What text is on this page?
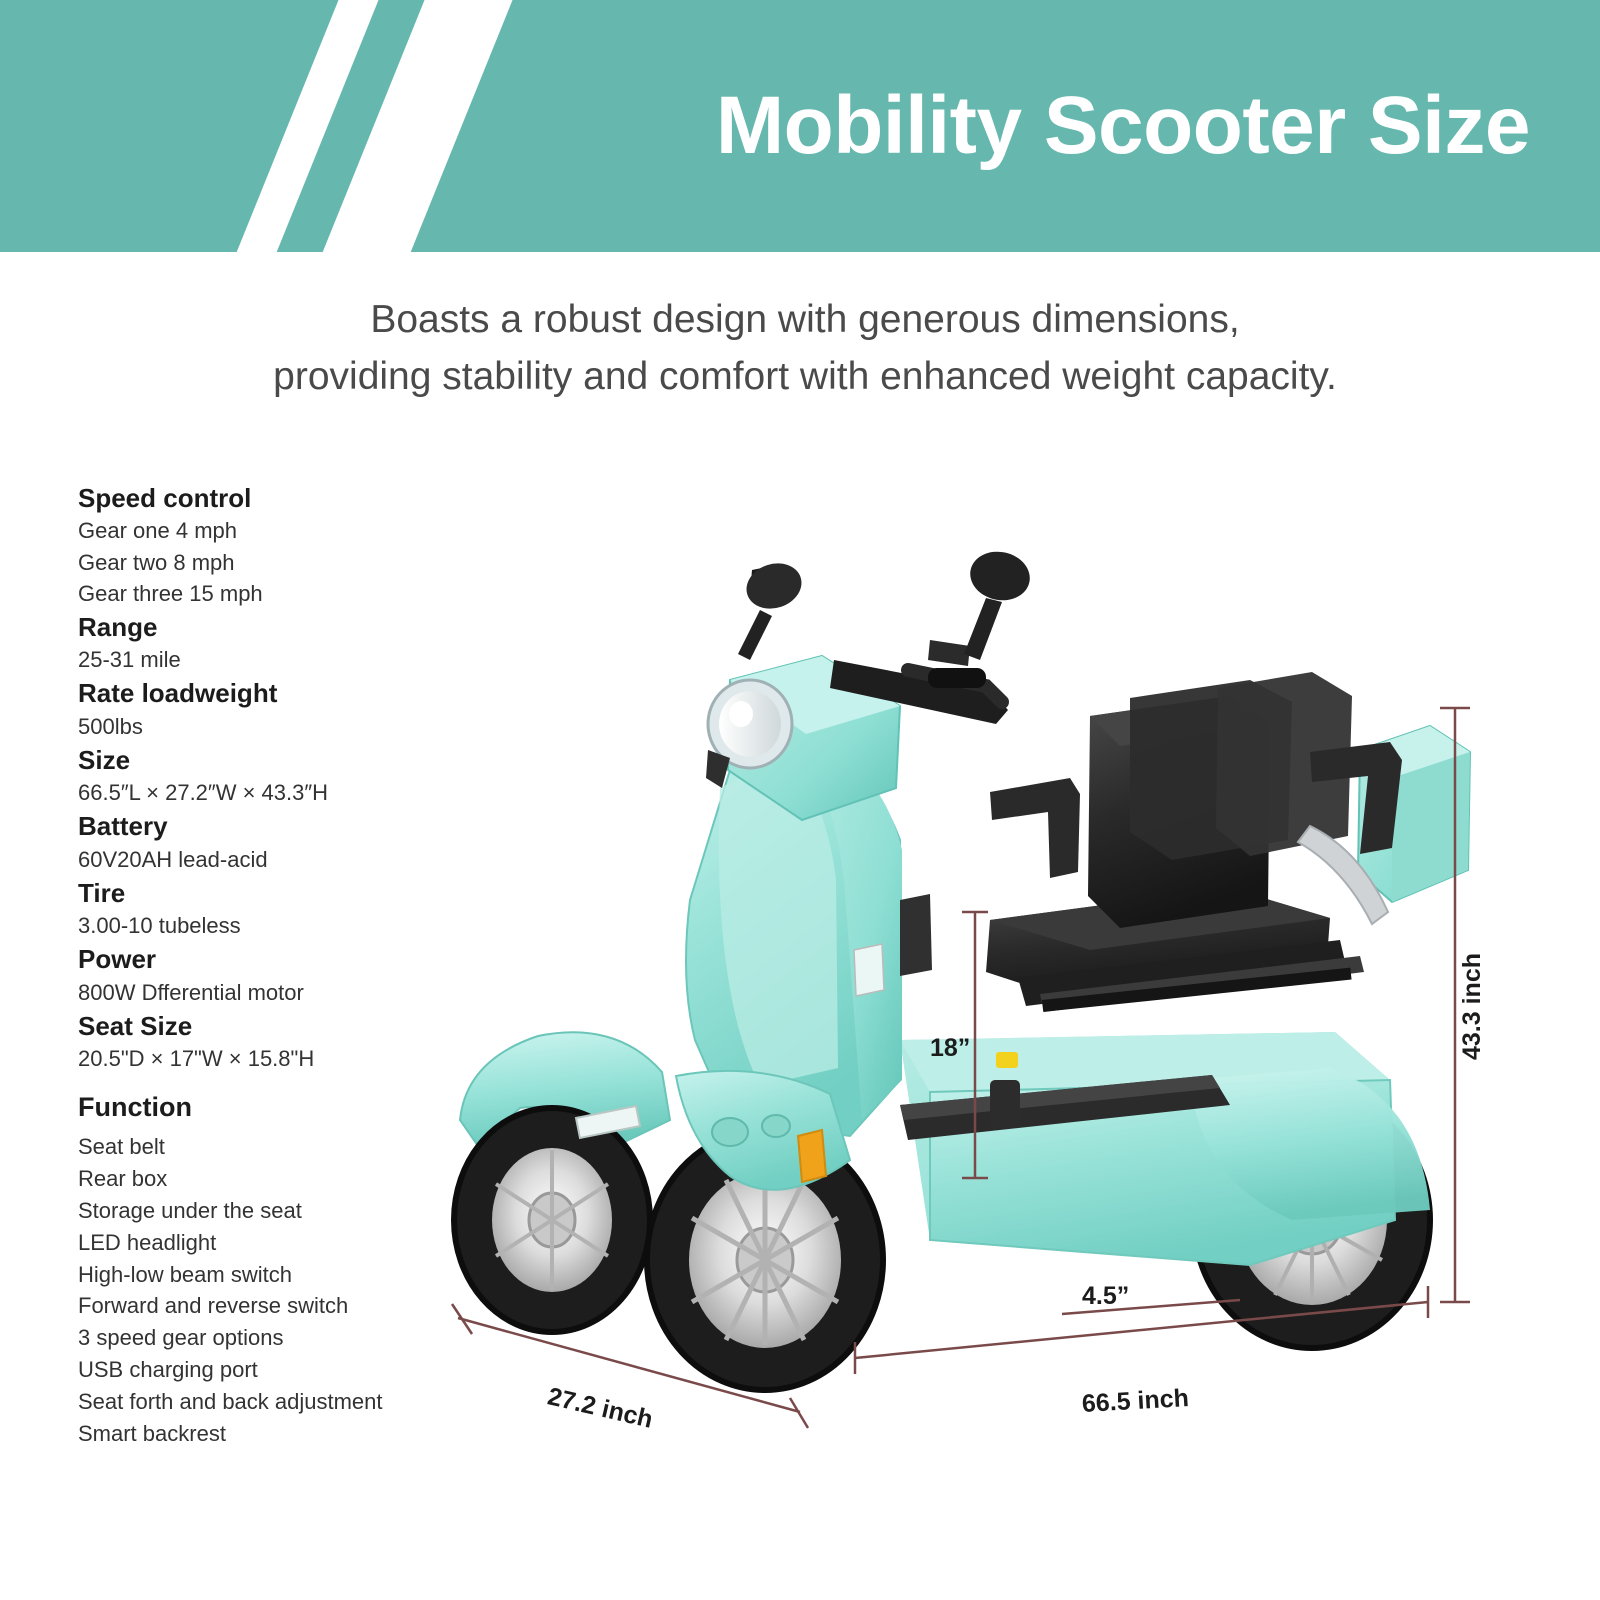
Mobility Scooter Size
Boasts a robust design with generous dimensions,
providing stability and comfort with enhanced weight capacity.
Speed control
Gear one 4 mph
Gear two 8 mph
Gear three 15 mph
Range
25-31 mile
Rate loadweight
500lbs
Size
66.5″L × 27.2″W × 43.3″H
Battery
60V20AH lead-acid
Tire
3.00-10 tubeless
Power
800W Dfferential motor
Seat Size
20.5"D × 17"W × 15.8"H
Function
Seat belt
Rear box
Storage under the seat
LED headlight
High-low beam switch
Forward and reverse switch
3 speed gear options
USB charging port
Seat forth and back adjustment
Smart backrest
18”
4.5”
66.5 inch
27.2 inch
43.3 inch
